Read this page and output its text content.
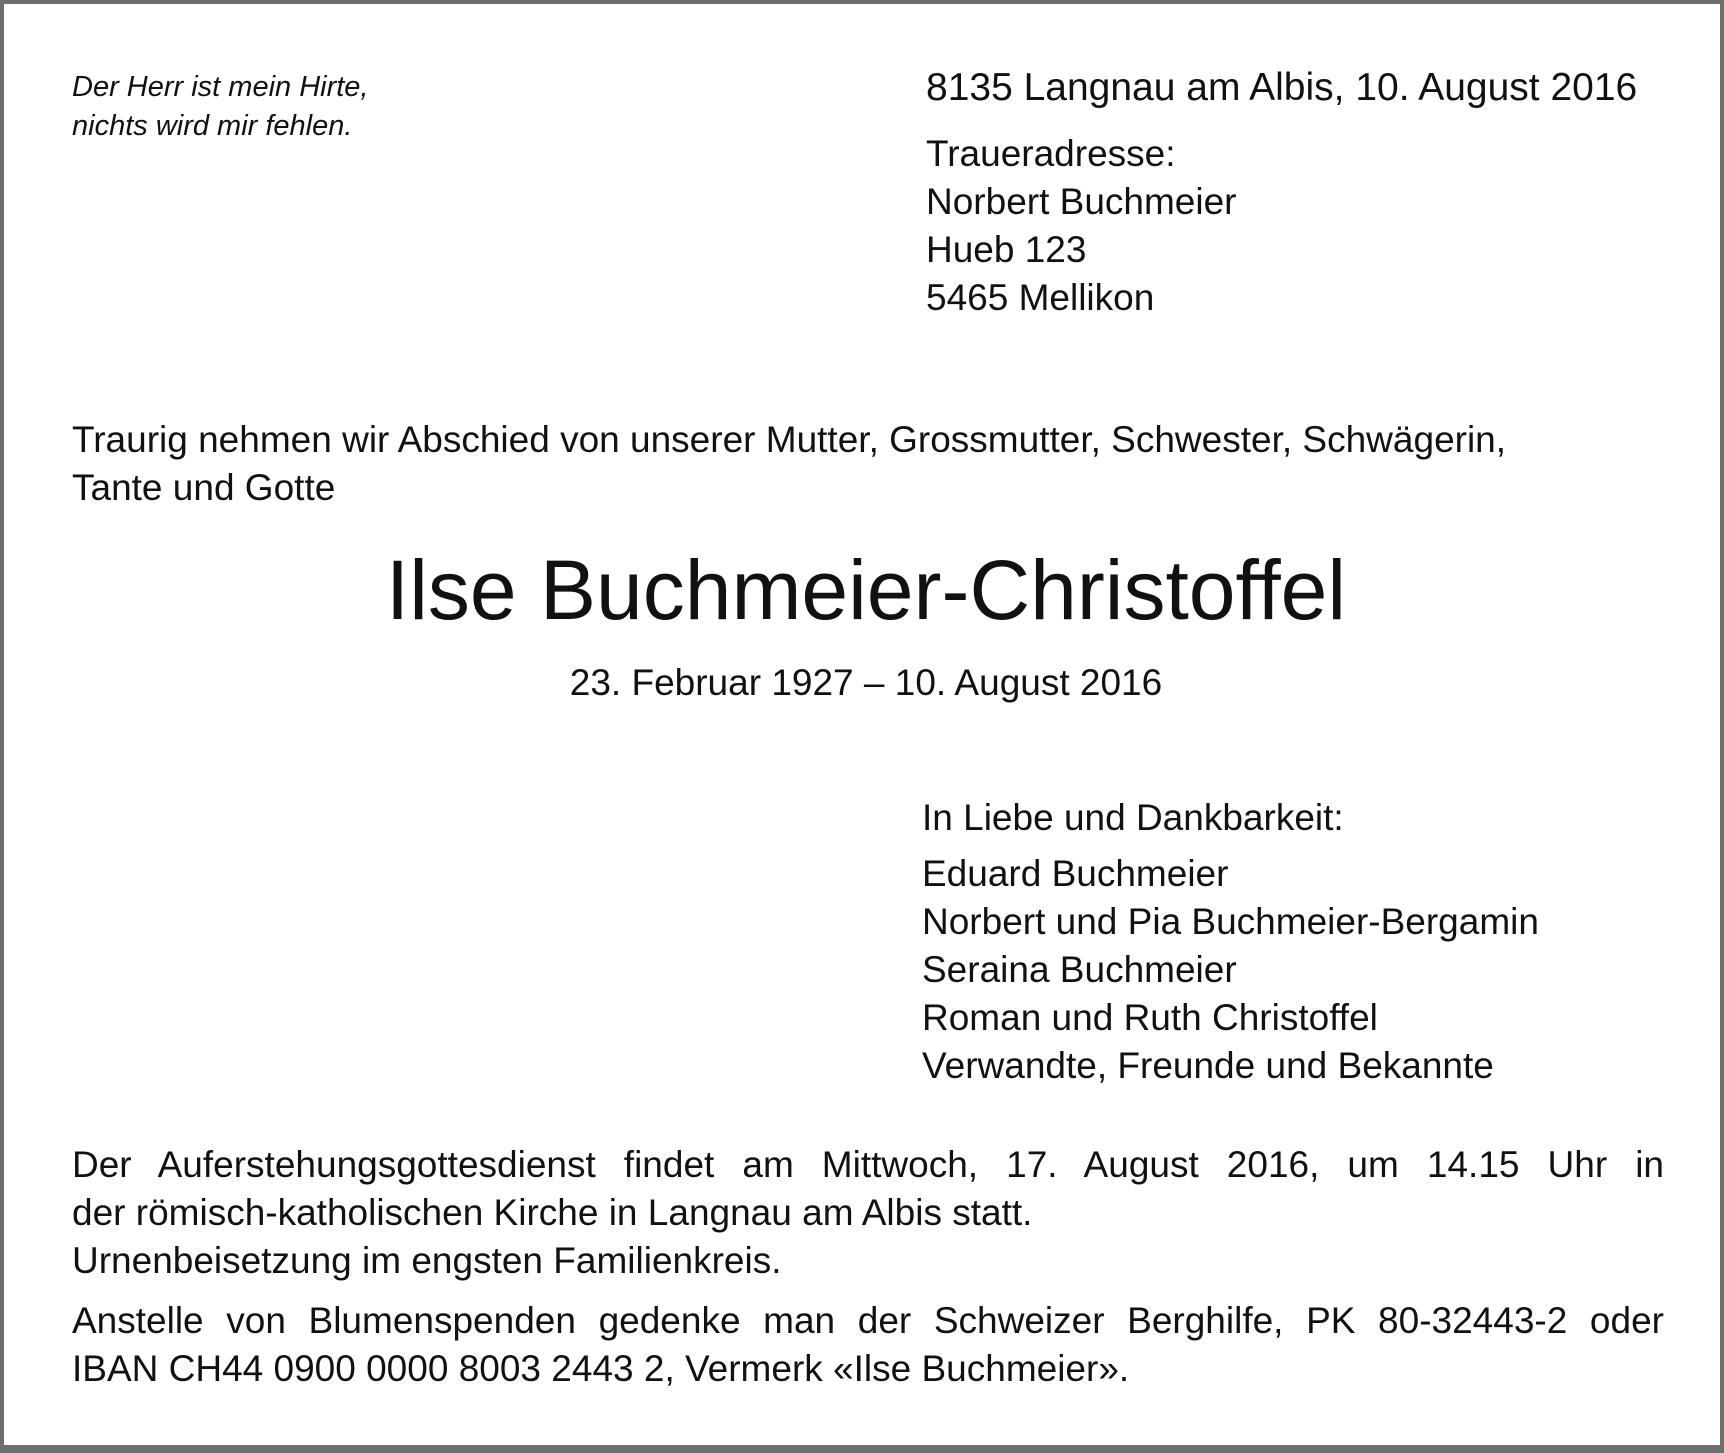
Der Herr ist mein Hirte,
nichts wird mir fehlen.
8135 Langnau am Albis, 10. August 2016
Traueradresse:
Norbert Buchmeier
Hueb 123
5465 Mellikon
Traurig nehmen wir Abschied von unserer Mutter, Grossmutter, Schwester, Schwägerin,
Tante und Gotte
Ilse Buchmeier-Christoffel
23. Februar 1927 – 10. August 2016
In Liebe und Dankbarkeit:
Eduard Buchmeier
Norbert und Pia Buchmeier-Bergamin
Seraina Buchmeier
Roman und Ruth Christoffel
Verwandte, Freunde und Bekannte
Der Auferstehungsgottesdienst findet am Mittwoch, 17. August 2016, um 14.15 Uhr in
der römisch-katholischen Kirche in Langnau am Albis statt.
Urnenbeisetzung im engsten Familienkreis.
Anstelle von Blumenspenden gedenke man der Schweizer Berghilfe, PK 80-32443-2 oder
IBAN CH44 0900 0000 8003 2443 2, Vermerk «Ilse Buchmeier».
